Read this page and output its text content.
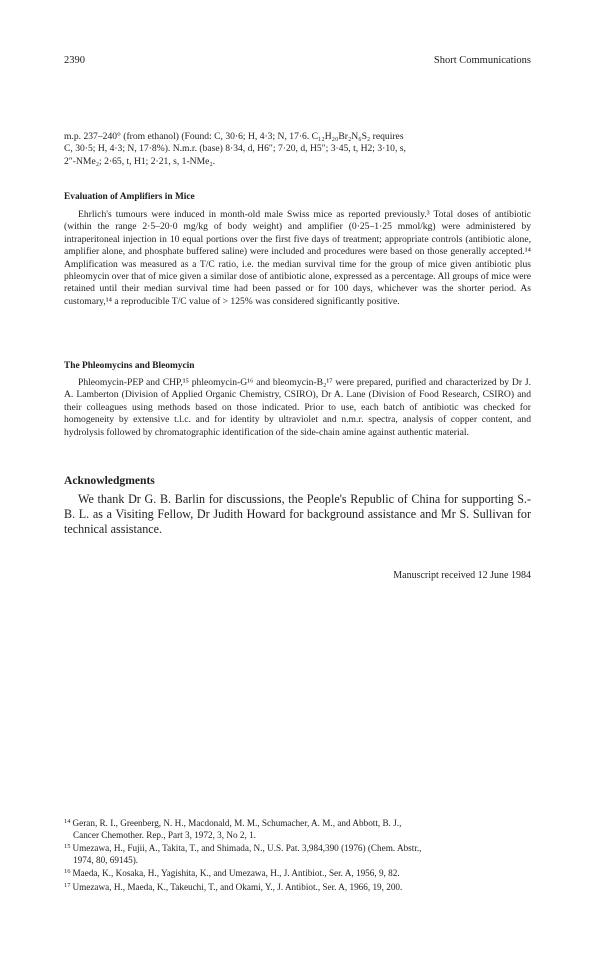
2390	Short Communications
m.p. 237–240° (from ethanol) (Found: C, 30·6; H, 4·3; N, 17·6. C₁₂H₂₀Br₂N₆S₂ requires
C, 30·5; H, 4·3; N, 17·8%). N.m.r. (base) 8·34, d, H6″; 7·20, d, H5″; 3·45, t, H2; 3·10, s,
2″-NMe₂; 2·65, t, H1; 2·21, s, 1-NMe₂.
Evaluation of Amplifiers in Mice
Ehrlich's tumours were induced in month-old male Swiss mice as reported previously.³ Total doses of antibiotic (within the range 2·5–20·0 mg/kg of body weight) and amplifier (0·25–1·25 mmol/kg) were administered by intraperitoneal injection in 10 equal portions over the first five days of treatment; appropriate controls (antibiotic alone, amplifier alone, and phosphate buffered saline) were included and procedures were based on those generally accepted.¹⁴ Amplification was measured as a T/C ratio, i.e. the median survival time for the group of mice given antibiotic plus phleomycin over that of mice given a similar dose of antibiotic alone, expressed as a percentage. All groups of mice were retained until their median survival time had been passed or for 100 days, whichever was the shorter period. As customary,¹⁴ a reproducible T/C value of > 125% was considered significantly positive.
The Phleomycins and Bleomycin
Phleomycin-PEP and CHP,¹⁵ phleomycin-G¹⁶ and bleomycin-B₂¹⁷ were prepared, purified and characterized by Dr J. A. Lamberton (Division of Applied Organic Chemistry, CSIRO), Dr A. Lane (Division of Food Research, CSIRO) and their colleagues using methods based on those indicated. Prior to use, each batch of antibiotic was checked for homogeneity by extensive t.l.c. and for identity by ultraviolet and n.m.r. spectra, analysis of copper content, and hydrolysis followed by chromatographic identification of the side-chain amine against authentic material.
Acknowledgments
We thank Dr G. B. Barlin for discussions, the People's Republic of China for supporting S.-B. L. as a Visiting Fellow, Dr Judith Howard for background assistance and Mr S. Sullivan for technical assistance.
Manuscript received 12 June 1984
$^{14}$ Geran, R. I., Greenberg, N. H., Macdonald, M. M., Schumacher, A. M., and Abbott, B. J.,
Cancer Chemother. Rep., Part 3, 1972, 3, No 2, 1.
$^{15}$ Umezawa, H., Fujii, A., Takita, T., and Shimada, N., U.S. Pat. 3,984,390 (1976) (Chem. Abstr.,
1974, 80, 69145).
$^{16}$ Maeda, K., Kosaka, H., Yagishita, K., and Umezawa, H., J. Antibiot., Ser. A, 1956, 9, 82.
$^{17}$ Umezawa, H., Maeda, K., Takeuchi, T., and Okami, Y., J. Antibiot., Ser. A, 1966, 19, 200.
